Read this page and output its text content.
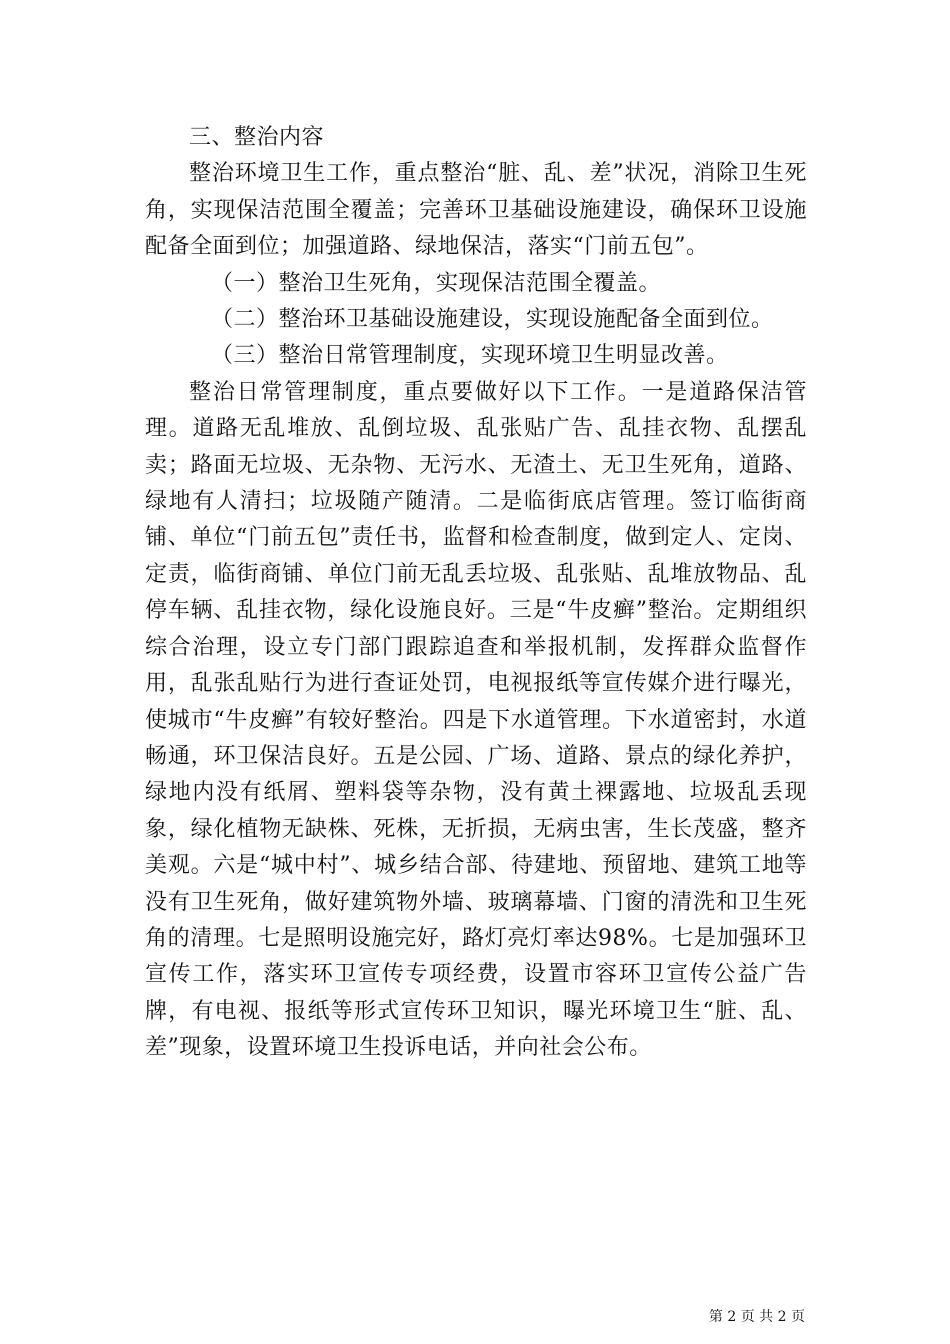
三、整治内容

整治环境卫生工作，重点整治“脏、乱、差”状况，消除卫生死角，实现保洁范围全覆盖；完善环卫基础设施建设，确保环卫设施配备全面到位；加强道路、绿地保洁，落实“门前五包”。

（一）整治卫生死角，实现保洁范围全覆盖。

（二）整治环卫基础设施建设，实现设施配备全面到位。

（三）整治日常管理制度，实现环境卫生明显改善。

整治日常管理制度，重点要做好以下工作。一是道路保洁管理。道路无乱堆放、乱倒垃圾、乱张贴广告、乱挂衣物、乱摆乱卖；路面无垃圾、无杂物、无污水、无渣土、无卫生死角，道路、绿地有人清扫；垃圾随产随清。二是临街底店管理。签订临街商铺、单位“门前五包”责任书，监督和检查制度，做到定人、定岗、定责，临街商铺、单位门前无乱丢垃圾、乱张贴、乱堆放物品、乱停车辆、乱挂衣物，绿化设施良好。三是“牛皮癣”整治。定期组织综合治理，设立专门部门跟踪追查和举报机制，发挥群众监督作用，乱张乱贴行为进行查证处罚，电视报纸等宣传媒介进行曝光，使城市“牛皮癣”有较好整治。四是下水道管理。下水道密封，水道畅通，环卫保洁良好。五是公园、广场、道路、景点的绿化养护，绿地内没有纸屑、塑料袋等杂物，没有黄土裸露地、垃圾乱丢现象，绿化植物无缺株、死株，无折损，无病虫害，生长茂盛，整齐美观。六是“城中村”、城乡结合部、待建地、预留地、建筑工地等没有卫生死角，做好建筑物外墙、玻璃幕墙、门窗的清洗和卫生死角的清理。七是照明设施完好，路灯亮灯率达98%。七是加强环卫宣传工作，落实环卫宣传专项经费，设置市容环卫宣传公益广告牌，有电视、报纸等形式宣传环卫知识，曝光环境卫生“脏、乱、差”现象，设置环境卫生投诉电话，并向社会公布。

第 2 页 共 2 页
